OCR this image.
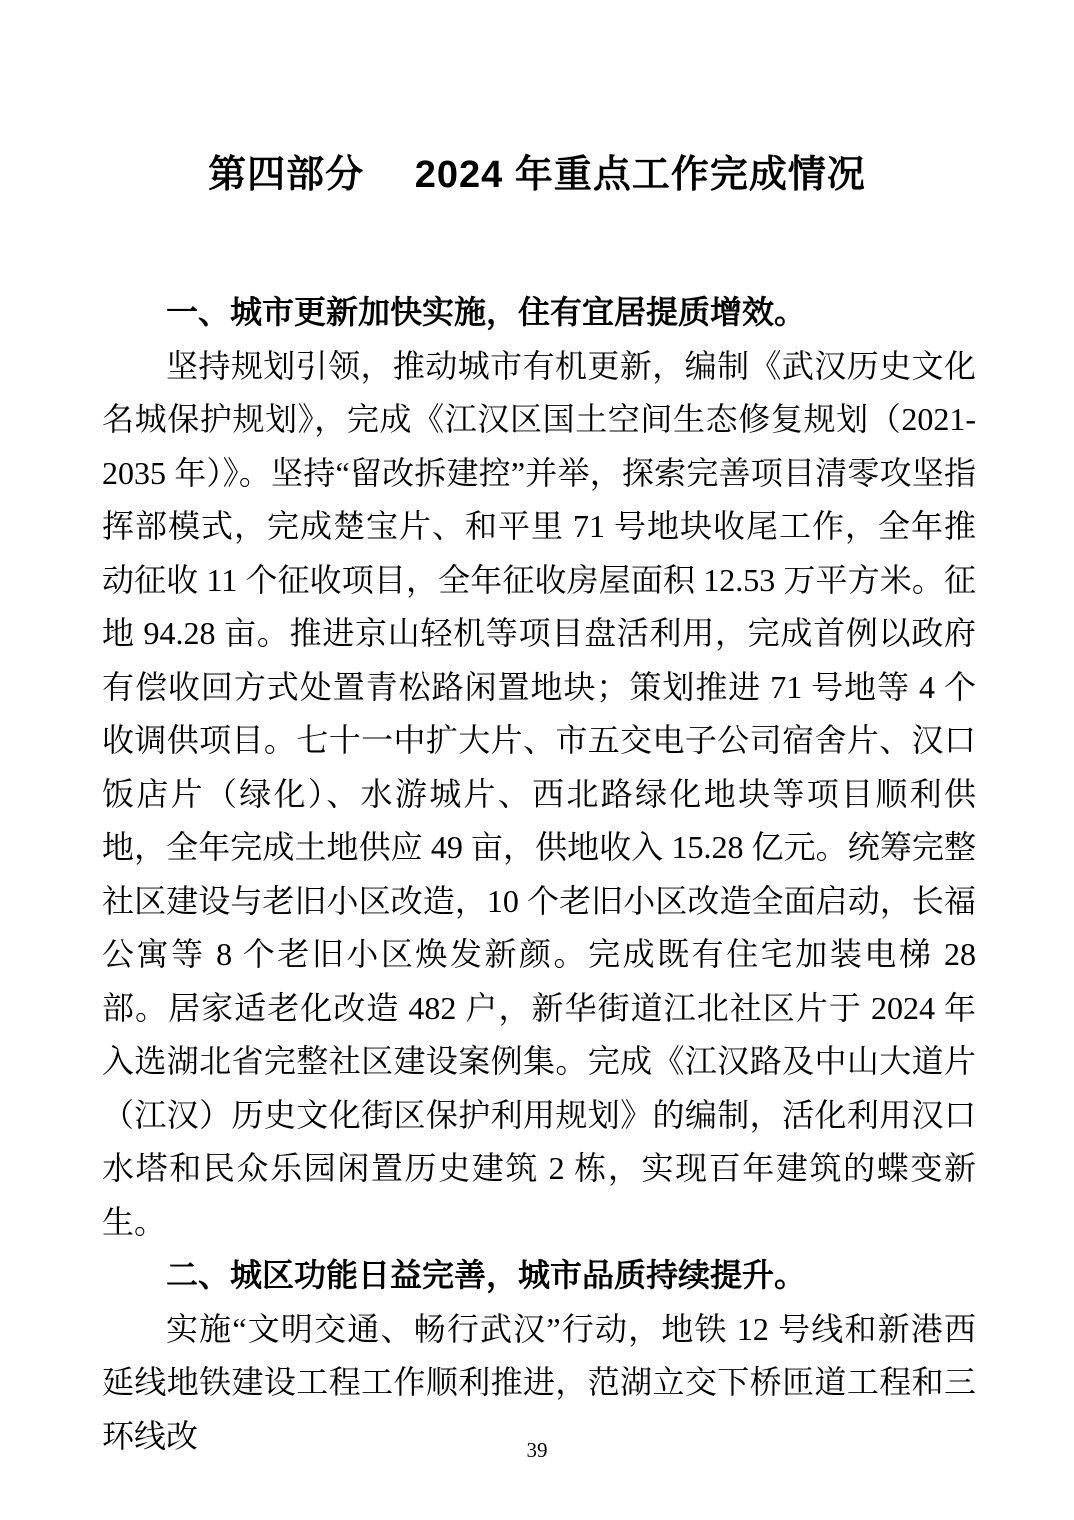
第四部分　 2024 年重点工作完成情况
一、城市更新加快实施，住有宜居提质增效。

坚持规划引领，推动城市有机更新，编制《武汉历史文化名城保护规划》，完成《江汉区国土空间生态修复规划（2021-2035 年）》。坚持“留改拆建控”并举，探索完善项目清零攻坚指挥部模式，完成楚宝片、和平里 71 号地块收尾工作，全年推动征收 11 个征收项目，全年征收房屋面积 12.53 万平方米。征地 94.28 亩。推进京山轻机等项目盘活利用，完成首例以政府有偿收回方式处置青松路闲置地块；策划推进 71 号地等 4 个收调供项目。七十一中扩大片、市五交电子公司宿舍片、汉口饭店片（绿化）、水游城片、西北路绿化地块等项目顺利供地，全年完成土地供应 49 亩，供地收入 15.28 亿元。统筹完整社区建设与老旧小区改造，10 个老旧小区改造全面启动，长福公寓等 8 个老旧小区焕发新颜。完成既有住宅加装电梯 28 部。居家适老化改造 482 户，新华街道江北社区片于 2024 年入选湖北省完整社区建设案例集。完成《江汉路及中山大道片（江汉）历史文化街区保护利用规划》的编制，活化利用汉口水塔和民众乐园闲置历史建筑 2 栋，实现百年建筑的蝶变新生。

二、城区功能日益完善，城市品质持续提升。

实施“文明交通、畅行武汉”行动，地铁 12 号线和新港西延线地铁建设工程工作顺利推进，范湖立交下桥匝道工程和三环线改	39
